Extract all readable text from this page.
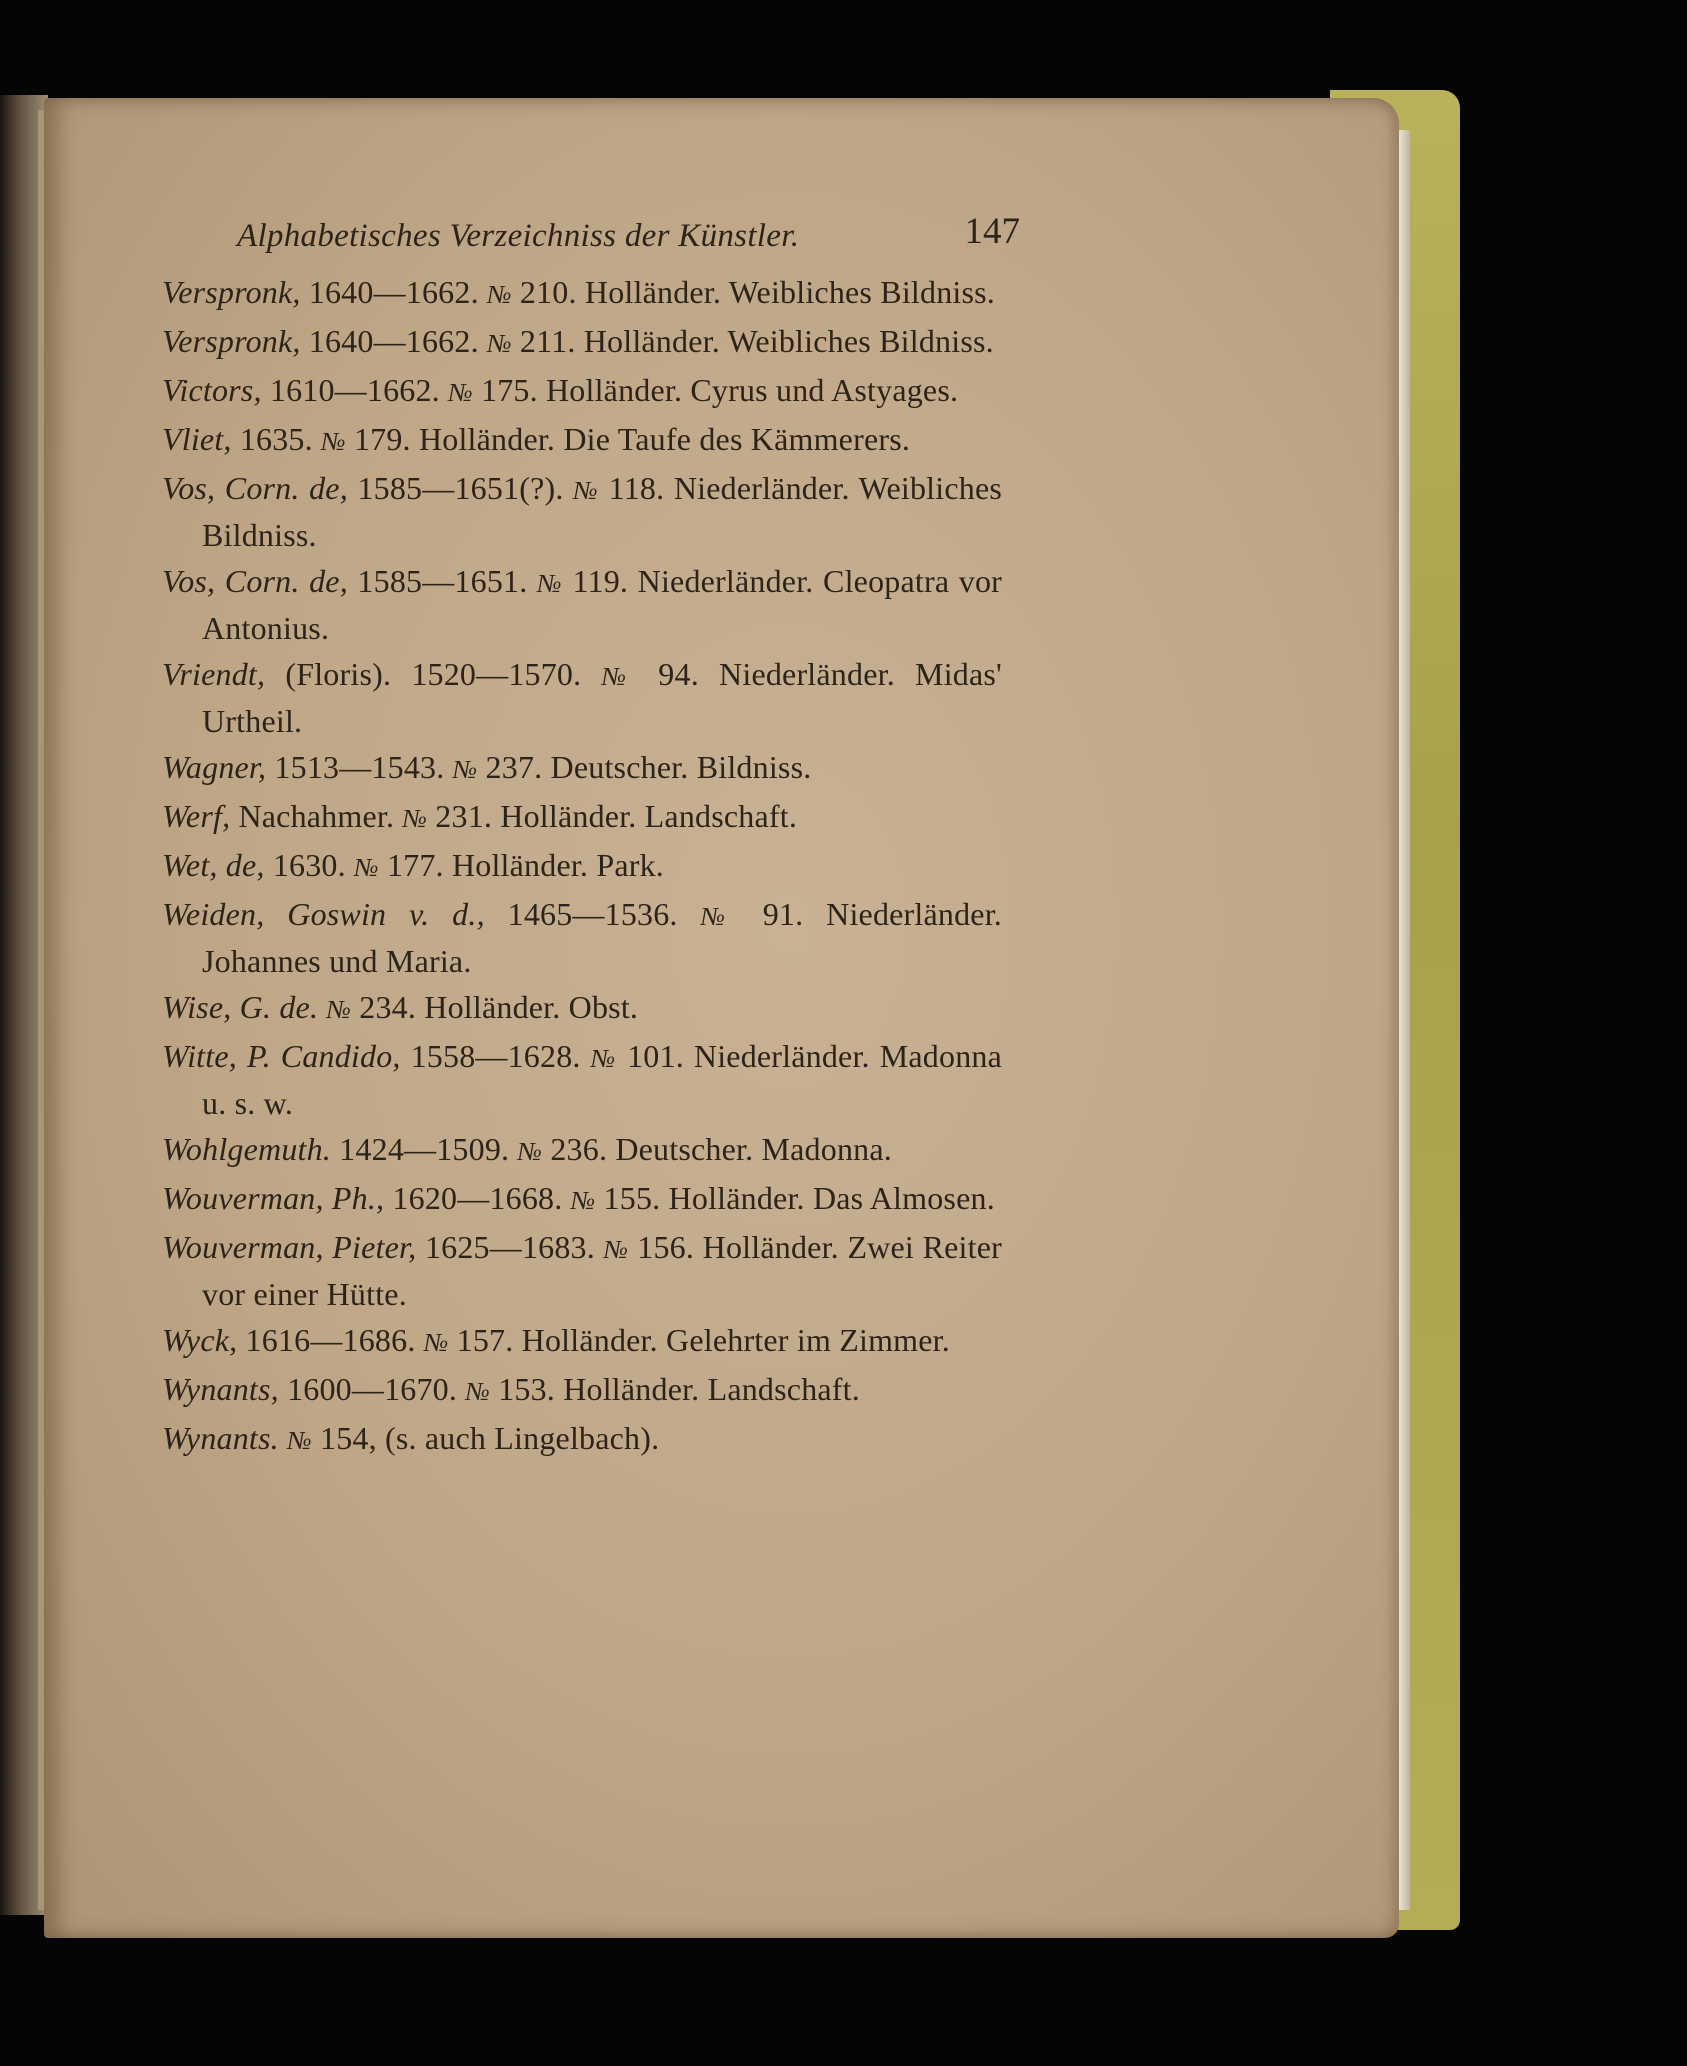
Alphabetisches Verzeichniss der Künstler.	147

Verspronk, 1640—1662. № 210. Holländer. Weibliches Bildniss.

Verspronk, 1640—1662. № 211. Holländer. Weibliches Bildniss.

Victors, 1610—1662. № 175. Holländer. Cyrus und Astyages.

Vliet, 1635. № 179. Holländer. Die Taufe des Kämmerers.

Vos, Corn. de, 1585—1651(?). № 118. Niederländer. Weibliches Bildniss.

Vos, Corn. de, 1585—1651. № 119. Niederländer. Cleopatra vor Antonius.

Vriendt, (Floris). 1520—1570. № 94. Niederländer. Midas' Urtheil.

Wagner, 1513—1543. № 237. Deutscher. Bildniss.

Werf, Nachahmer. № 231. Holländer. Landschaft.

Wet, de, 1630. № 177. Holländer. Park.

Weiden, Goswin v. d., 1465—1536. № 91. Niederländer. Johannes und Maria.

Wise, G. de. № 234. Holländer. Obst.

Witte, P. Candido, 1558—1628. № 101. Niederländer. Madonna u. s. w.

Wohlgemuth. 1424—1509. № 236. Deutscher. Madonna.

Wouverman, Ph., 1620—1668. № 155. Holländer. Das Almosen.

Wouverman, Pieter, 1625—1683. № 156. Holländer. Zwei Reiter vor einer Hütte.

Wyck, 1616—1686. № 157. Holländer. Gelehrter im Zimmer.

Wynants, 1600—1670. № 153. Holländer. Landschaft.

Wynants. № 154, (s. auch Lingelbach).
